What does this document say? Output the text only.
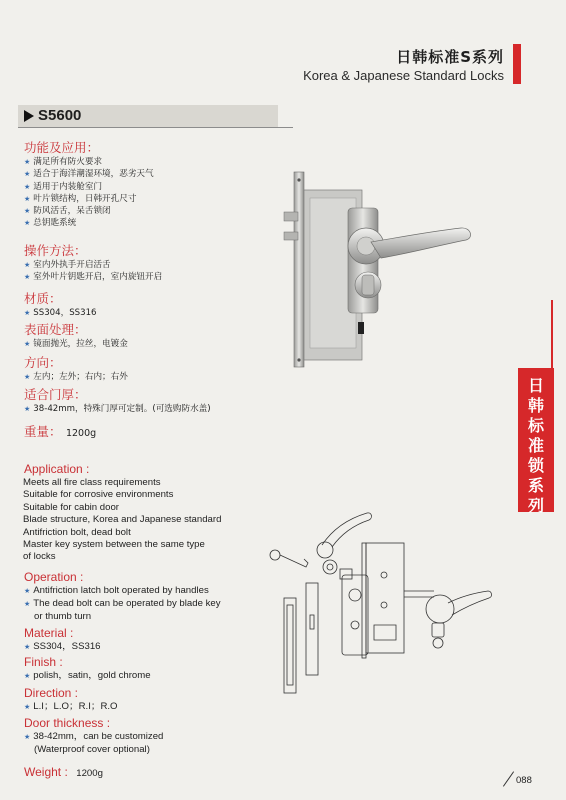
日韩标准S系列
Korea & Japanese Standard Locks
S5600
功能及应用：
★ 满足所有防火要求
★ 适合于海洋潮湿环境，恶劣天气
★ 适用于内装舱室门
★ 叶片锁结构，日韩开孔尺寸
★ 防风活舌，呆舌锁闭
★ 总钥匙系统
操作方法：
★ 室内外执手开启活舌
★ 室外叶片钥匙开启，室内旋钮开启
材质：
★ SS304，SS316
表面处理：
★ 镜面抛光，拉丝，电镀金
方向：
★ 左内；左外；右内；右外
适合门厚：
★ 38-42mm，特殊门厚可定制。(可选购防水盖)
重量： 1200g
Application :
Meets all fire class requirements
Suitable for corrosive environments
Suitable for cabin door
Blade structure, Korea and Japanese standard
Antifriction bolt, dead bolt
Master key system between the same type
of locks
Operation :
★ Antifriction latch bolt operated by handles
★ The dead bolt can be operated by blade key
or thumb turn
Material :
★ SS304，SS316
Finish :
★ polish，satin，gold chrome
Direction :
★ L.I；L.O；R.I；R.O
Door thickness :
★ 38-42mm，can be customized
(Waterproof cover optional)
Weight : 1200g
日韩标准锁系列
088
